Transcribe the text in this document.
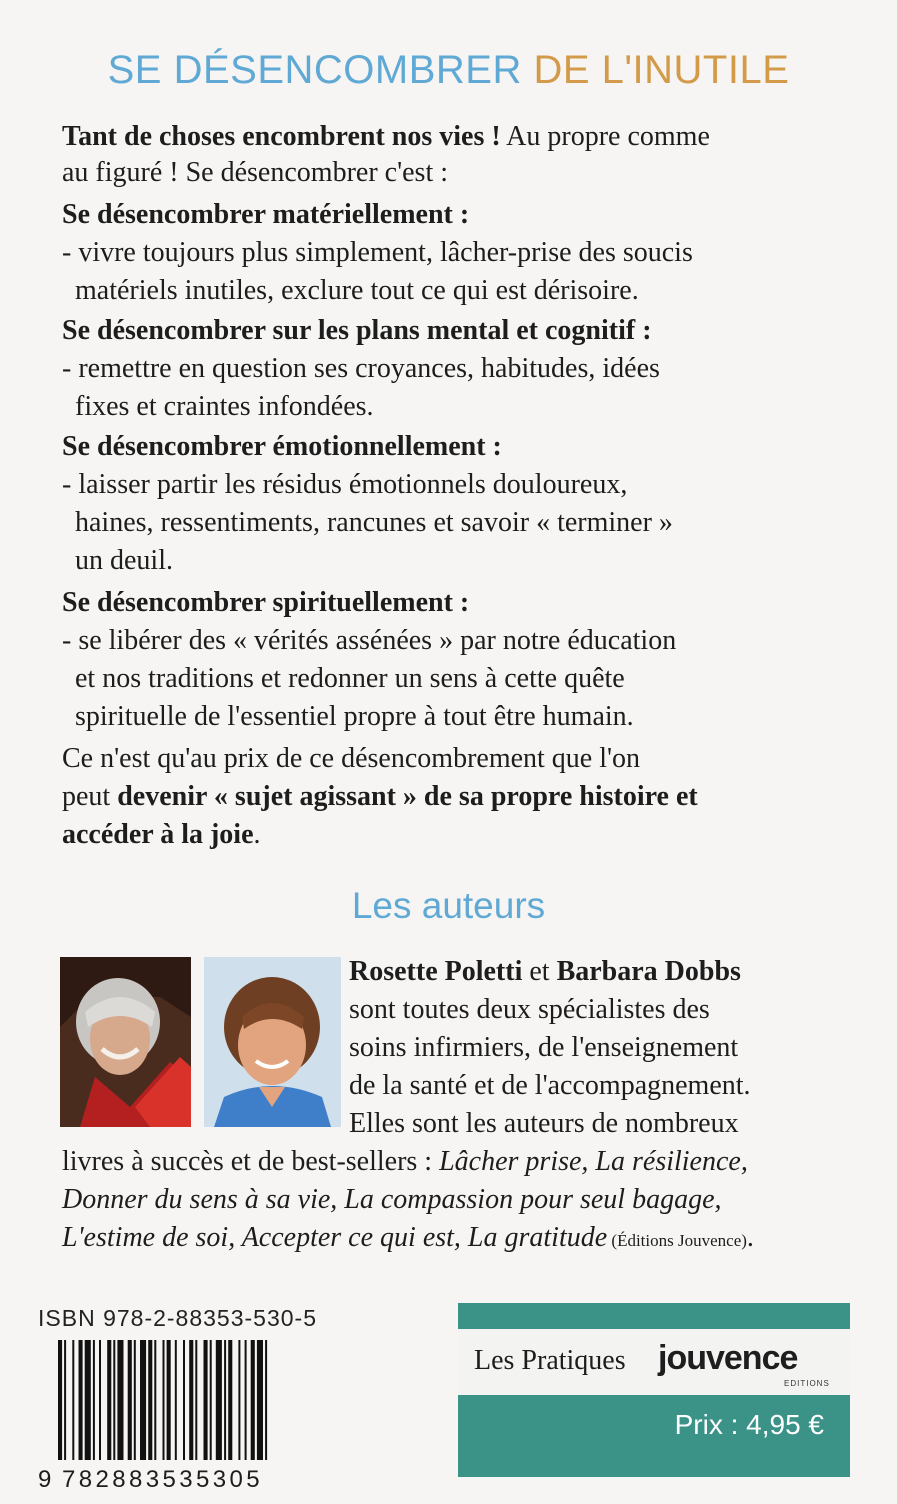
SE DÉSENCOMBRER DE L'INUTILE
Tant de choses encombrent nos vies ! Au propre comme
au figuré ! Se désencombrer c'est :
Se désencombrer matériellement :
- vivre toujours plus simplement, lâcher-prise des soucis
matériels inutiles, exclure tout ce qui est dérisoire.
Se désencombrer sur les plans mental et cognitif :
- remettre en question ses croyances, habitudes, idées
fixes et craintes infondées.
Se désencombrer émotionnellement :
- laisser partir les résidus émotionnels douloureux,
haines, ressentiments, rancunes et savoir « terminer »
un deuil.
Se désencombrer spirituellement :
- se libérer des « vérités assénées » par notre éducation
et nos traditions et redonner un sens à cette quête
spirituelle de l'essentiel propre à tout être humain.
Ce n'est qu'au prix de ce désencombrement que l'on
peut devenir « sujet agissant » de sa propre histoire et
accéder à la joie.
Les auteurs
Rosette Poletti et Barbara Dobbs
sont toutes deux spécialistes des
soins infirmiers, de l'enseignement
de la santé et de l'accompagnement.
Elles sont les auteurs de nombreux
livres à succès et de best-sellers : Lâcher prise, La résilience,
Donner du sens à sa vie, La compassion pour seul bagage,
L'estime de soi, Accepter ce qui est, La gratitude (Éditions Jouvence).
ISBN 978-2-88353-530-5
9 782883535305
Les Pratiques jouvence
EDITIONS
Prix : 4,95 €
